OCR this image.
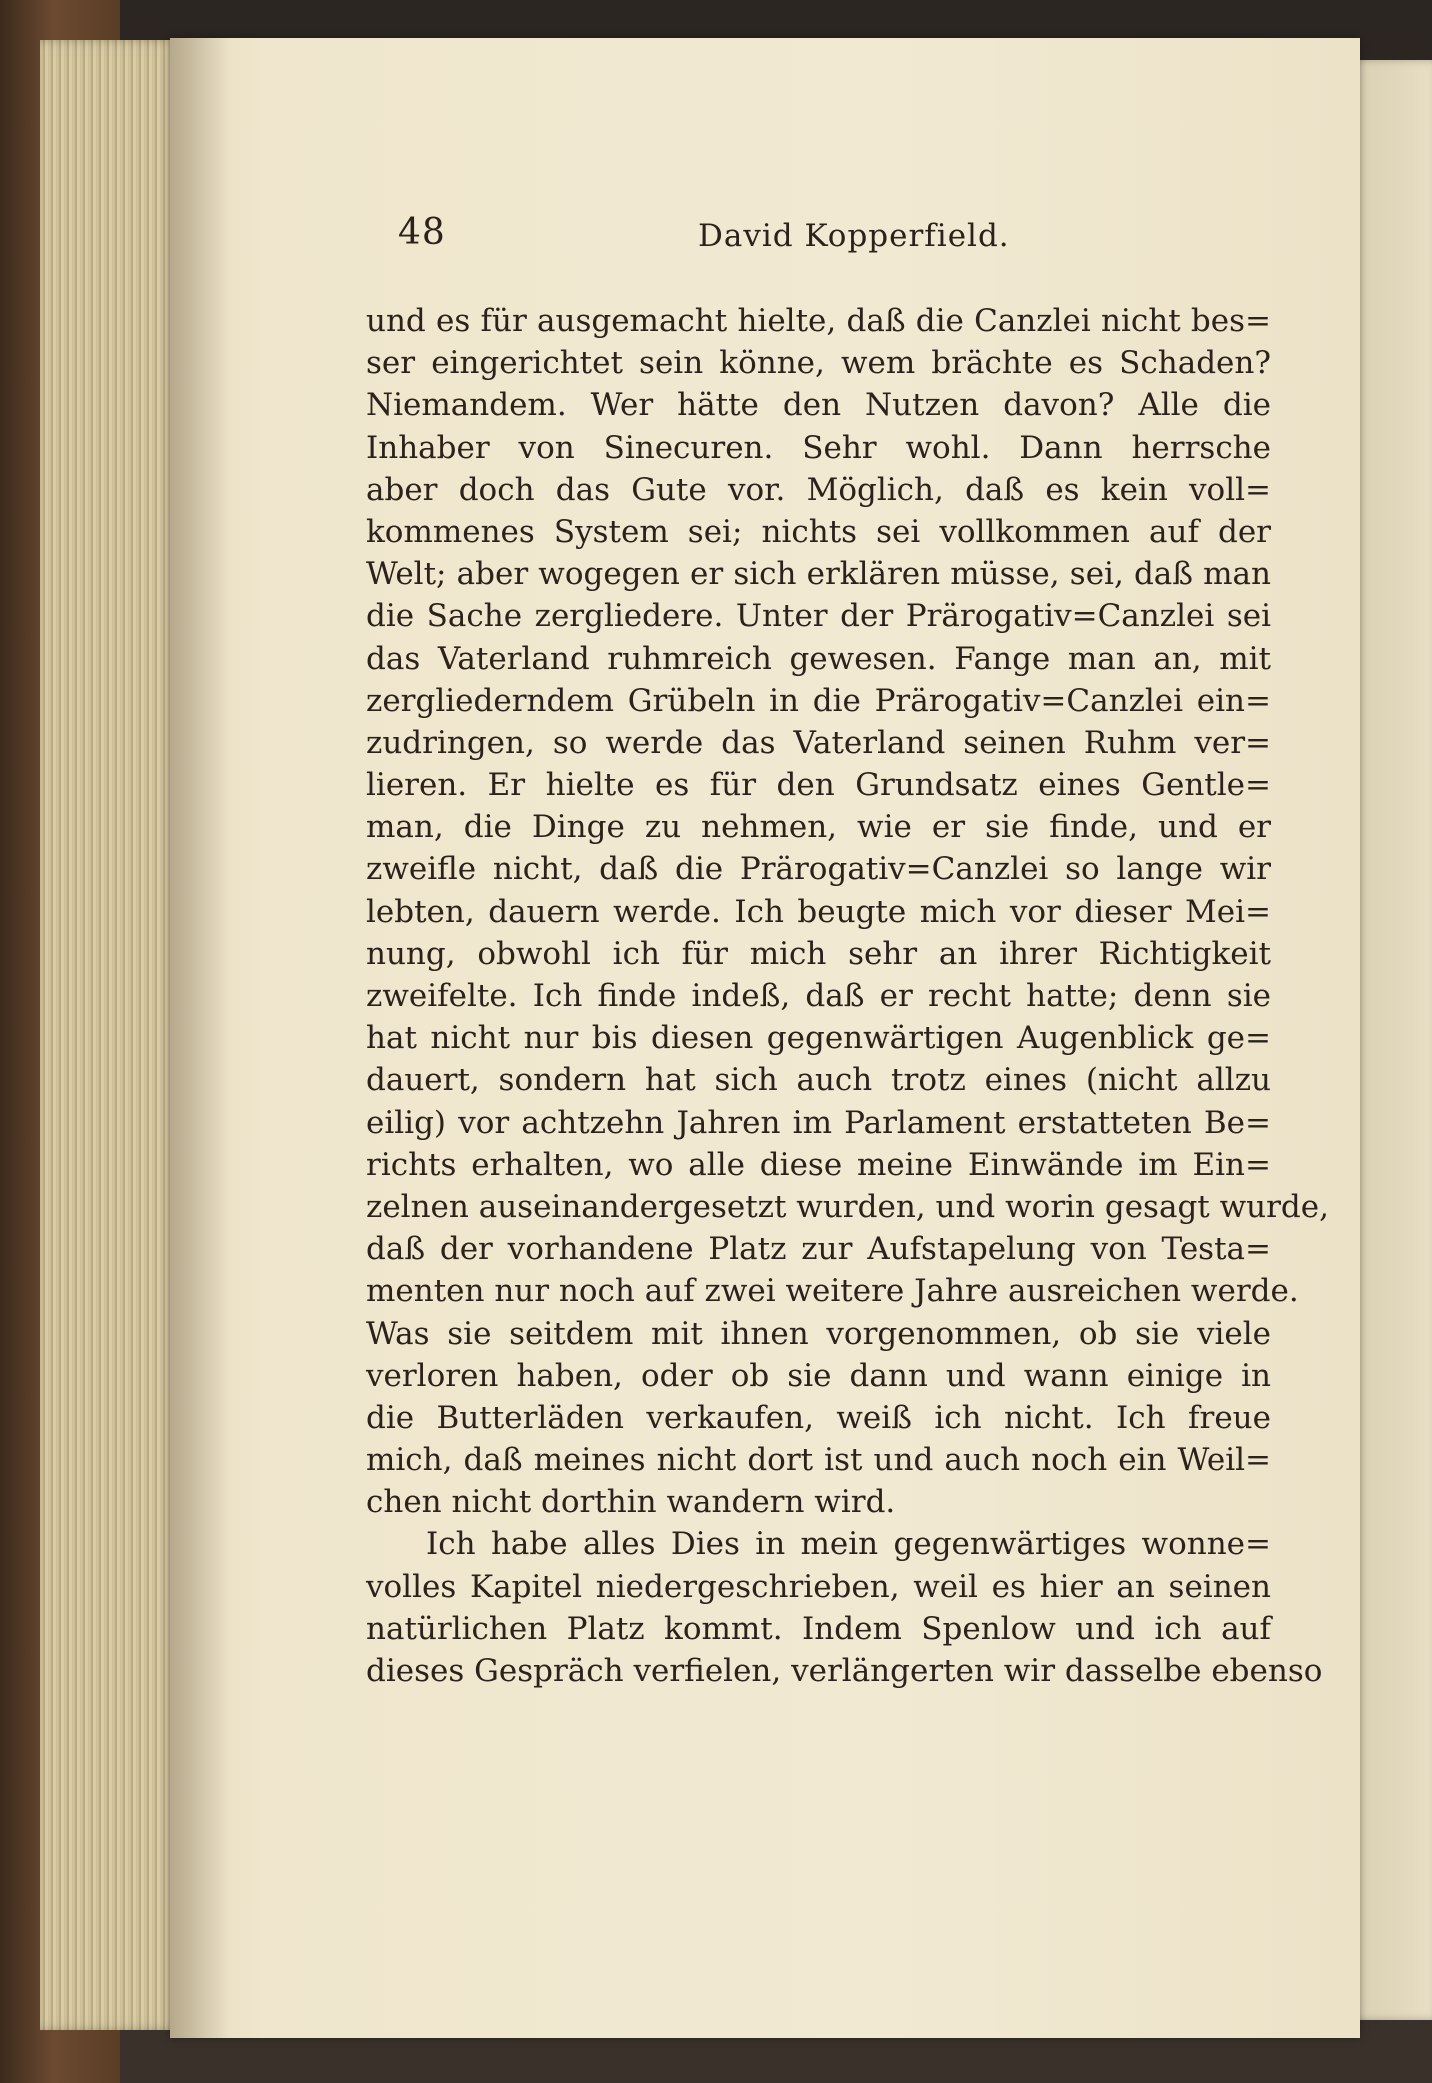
48	David Kopperfield.
und es für ausgemacht hielte, daß die Canzlei nicht bes=
ser eingerichtet sein könne, wem brächte es Schaden?
Niemandem. Wer hätte den Nutzen davon? Alle die
Inhaber von Sinecuren. Sehr wohl. Dann herrsche
aber doch das Gute vor. Möglich, daß es kein voll=
kommenes System sei; nichts sei vollkommen auf der
Welt; aber wogegen er sich erklären müsse, sei, daß man
die Sache zergliedere. Unter der Prärogativ=Canzlei sei
das Vaterland ruhmreich gewesen. Fange man an, mit
zergliederndem Grübeln in die Prärogativ=Canzlei ein=
zudringen, so werde das Vaterland seinen Ruhm ver=
lieren. Er hielte es für den Grundsatz eines Gentle=
man, die Dinge zu nehmen, wie er sie finde, und er
zweifle nicht, daß die Prärogativ=Canzlei so lange wir
lebten, dauern werde. Ich beugte mich vor dieser Mei=
nung, obwohl ich für mich sehr an ihrer Richtigkeit
zweifelte. Ich finde indeß, daß er recht hatte; denn sie
hat nicht nur bis diesen gegenwärtigen Augenblick ge=
dauert, sondern hat sich auch trotz eines (nicht allzu
eilig) vor achtzehn Jahren im Parlament erstatteten Be=
richts erhalten, wo alle diese meine Einwände im Ein=
zelnen auseinandergesetzt wurden, und worin gesagt wurde,
daß der vorhandene Platz zur Aufstapelung von Testa=
menten nur noch auf zwei weitere Jahre ausreichen werde.
Was sie seitdem mit ihnen vorgenommen, ob sie viele
verloren haben, oder ob sie dann und wann einige in
die Butterläden verkaufen, weiß ich nicht. Ich freue
mich, daß meines nicht dort ist und auch noch ein Weil=
chen nicht dorthin wandern wird.
Ich habe alles Dies in mein gegenwärtiges wonne=
volles Kapitel niedergeschrieben, weil es hier an seinen
natürlichen Platz kommt. Indem Spenlow und ich auf
dieses Gespräch verfielen, verlängerten wir dasselbe ebenso
